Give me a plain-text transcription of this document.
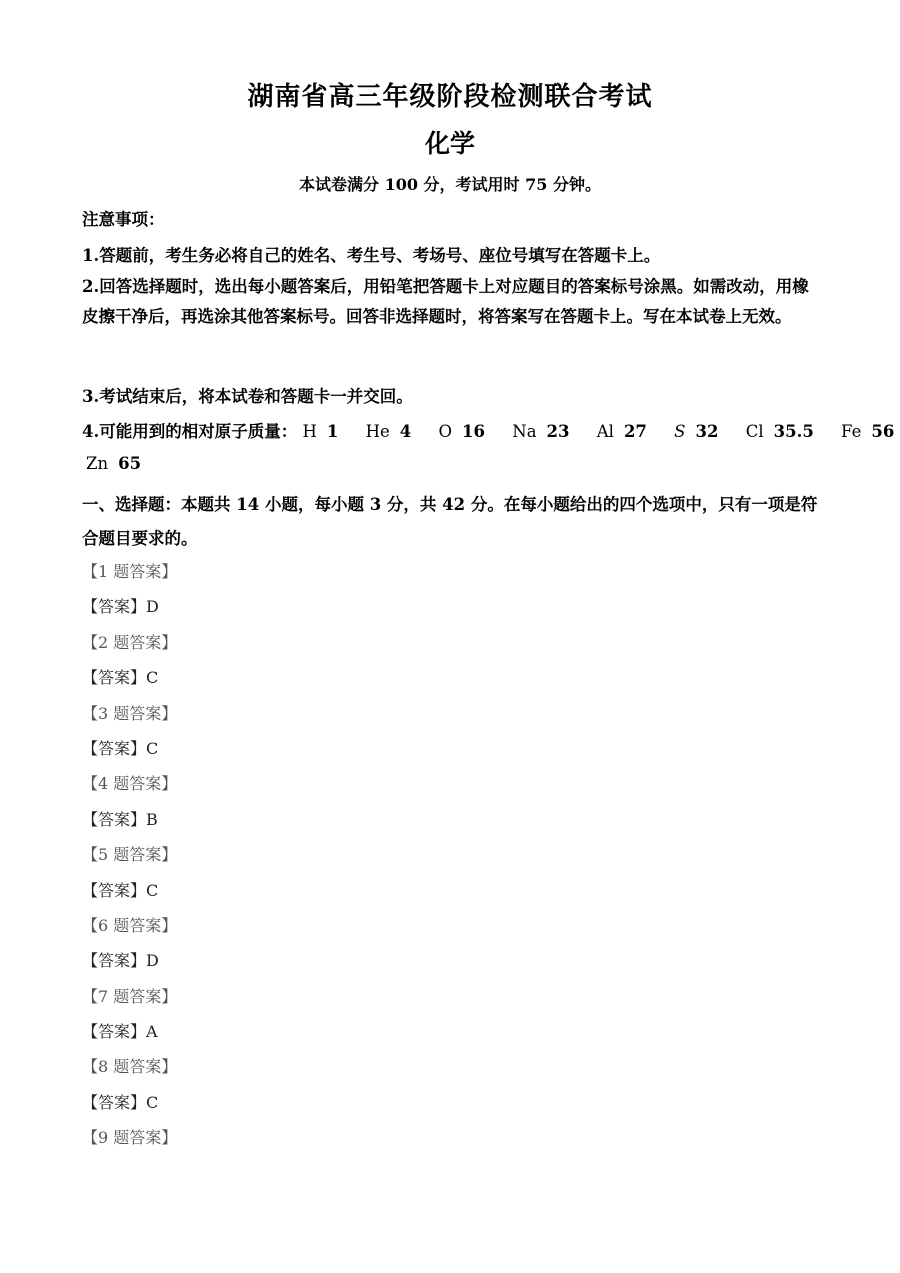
湖南省高三年级阶段检测联合考试
化学
本试卷满分 100 分，考试用时 75 分钟。
注意事项：
1.答题前，考生务必将自己的姓名、考生号、考场号、座位号填写在答题卡上。
2.回答选择题时，选出每小题答案后，用铅笔把答题卡上对应题目的答案标号涂黑。如需改动，用橡皮擦干净后，再选涂其他答案标号。回答非选择题时，将答案写在答题卡上。写在本试卷上无效。
3.考试结束后，将本试卷和答题卡一并交回。
4.可能用到的相对原子质量： H 1 He 4 O 16 Na 23 Al 27 S 32 Cl 35.5 Fe 56
Zn 65
一、选择题：本题共 14 小题，每小题 3 分，共 42 分。在每小题给出的四个选项中，只有一项是符合题目要求的。
【1 题答案】
【答案】D
【2 题答案】
【答案】C
【3 题答案】
【答案】C
【4 题答案】
【答案】B
【5 题答案】
【答案】C
【6 题答案】
【答案】D
【7 题答案】
【答案】A
【8 题答案】
【答案】C
【9 题答案】
